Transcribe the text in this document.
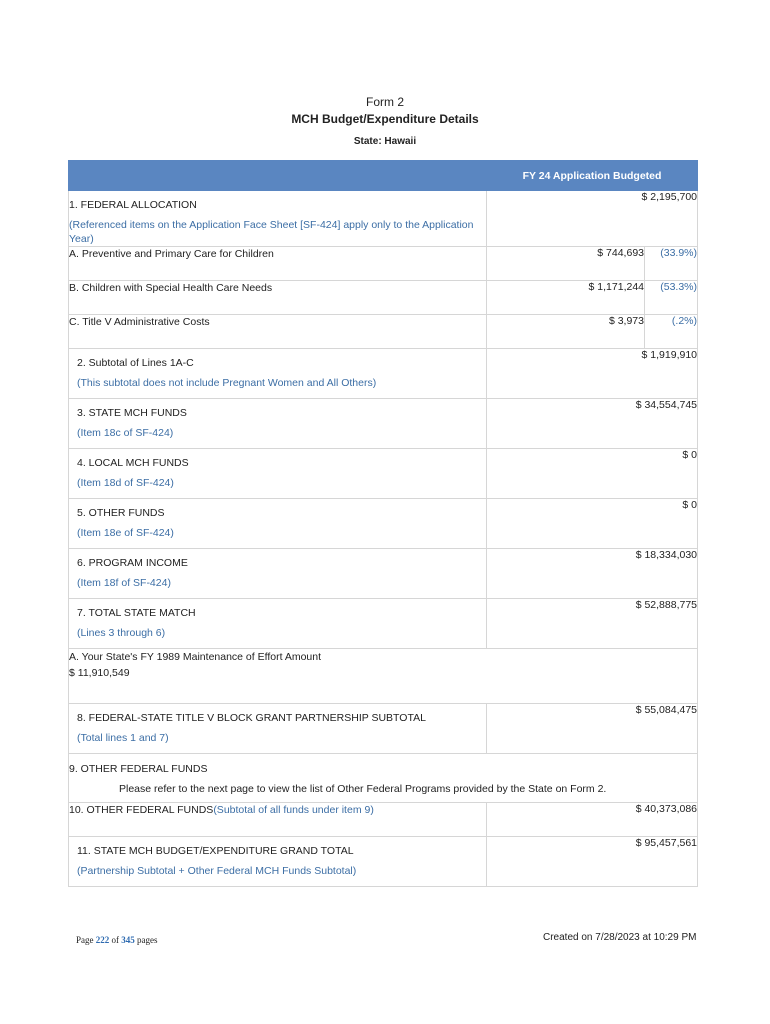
Form 2
MCH Budget/Expenditure Details
State: Hawaii
	FY 24 Application Budgeted	

1. FEDERAL ALLOCATION
(Referenced items on the Application Face Sheet [SF-424] apply only to the Application Year)	$ 2,195,700	
A. Preventive and Primary Care for Children	$ 744,693	(33.9%)
B. Children with Special Health Care Needs	$ 1,171,244	(53.3%)
C. Title V Administrative Costs	$ 3,973	(.2%)

2. Subtotal of Lines 1A-C
(This subtotal does not include Pregnant Women and All Others)	$ 1,919,910	

3. STATE MCH FUNDS
(Item 18c of SF-424)	$ 34,554,745	

4. LOCAL MCH FUNDS
(Item 18d of SF-424)	$ 0	

5. OTHER FUNDS
(Item 18e of SF-424)	$ 0	

6. PROGRAM INCOME
(Item 18f of SF-424)	$ 18,334,030	

7. TOTAL STATE MATCH
(Lines 3 through 6)	$ 52,888,775	

A. Your State's FY 1989 Maintenance of Effort Amount
$ 11,910,549		

8. FEDERAL-STATE TITLE V BLOCK GRANT PARTNERSHIP SUBTOTAL
(Total lines 1 and 7)	$ 55,084,475	

9. OTHER FEDERAL FUNDS
Please refer to the next page to view the list of Other Federal Programs provided by the State on Form 2.		

10. OTHER FEDERAL FUNDS(Subtotal of all funds under item 9)	$ 40,373,086	

11. STATE MCH BUDGET/EXPENDITURE GRAND TOTAL
(Partnership Subtotal + Other Federal MCH Funds Subtotal)	$ 95,457,561	
Page 222 of 345 pages	Created on 7/28/2023 at 10:29 PM
